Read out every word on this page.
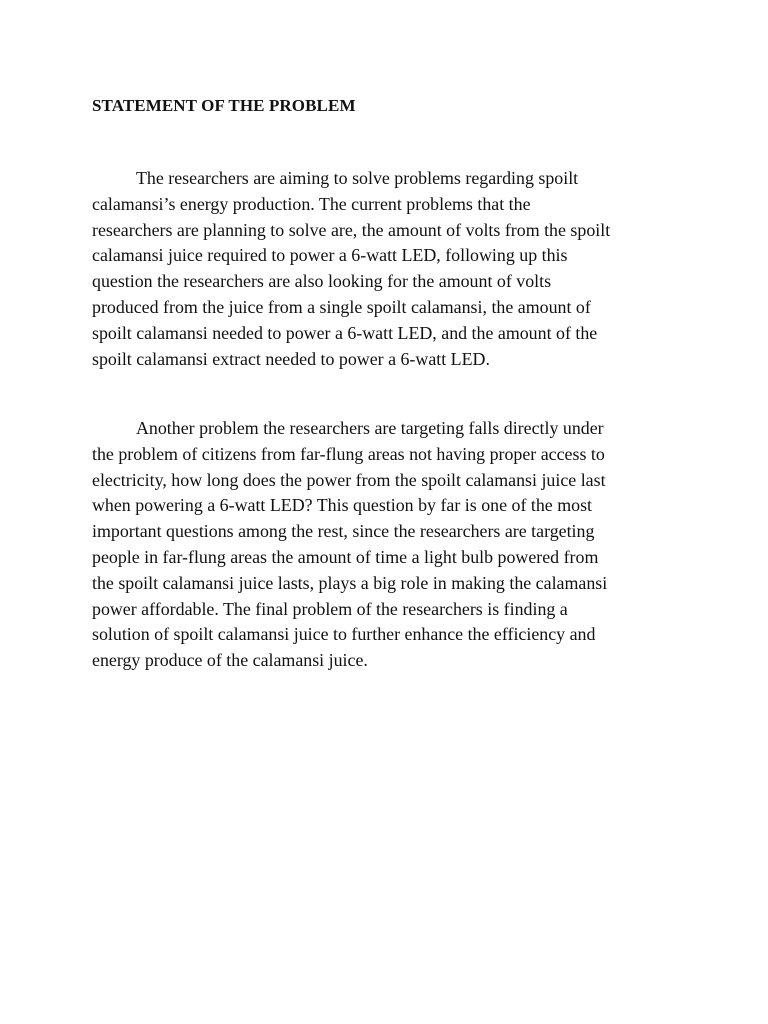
STATEMENT OF THE PROBLEM

The researchers are aiming to solve problems regarding spoilt
calamansi’s energy production. The current problems that the
researchers are planning to solve are, the amount of volts from the spoilt
calamansi juice required to power a 6-watt LED, following up this
question the researchers are also looking for the amount of volts
produced from the juice from a single spoilt calamansi, the amount of
spoilt calamansi needed to power a 6-watt LED, and the amount of the
spoilt calamansi extract needed to power a 6-watt LED.

Another problem the researchers are targeting falls directly under
the problem of citizens from far-flung areas not having proper access to
electricity, how long does the power from the spoilt calamansi juice last
when powering a 6-watt LED? This question by far is one of the most
important questions among the rest, since the researchers are targeting
people in far-flung areas the amount of time a light bulb powered from
the spoilt calamansi juice lasts, plays a big role in making the calamansi
power affordable. The final problem of the researchers is finding a
solution of spoilt calamansi juice to further enhance the efficiency and
energy produce of the calamansi juice.
